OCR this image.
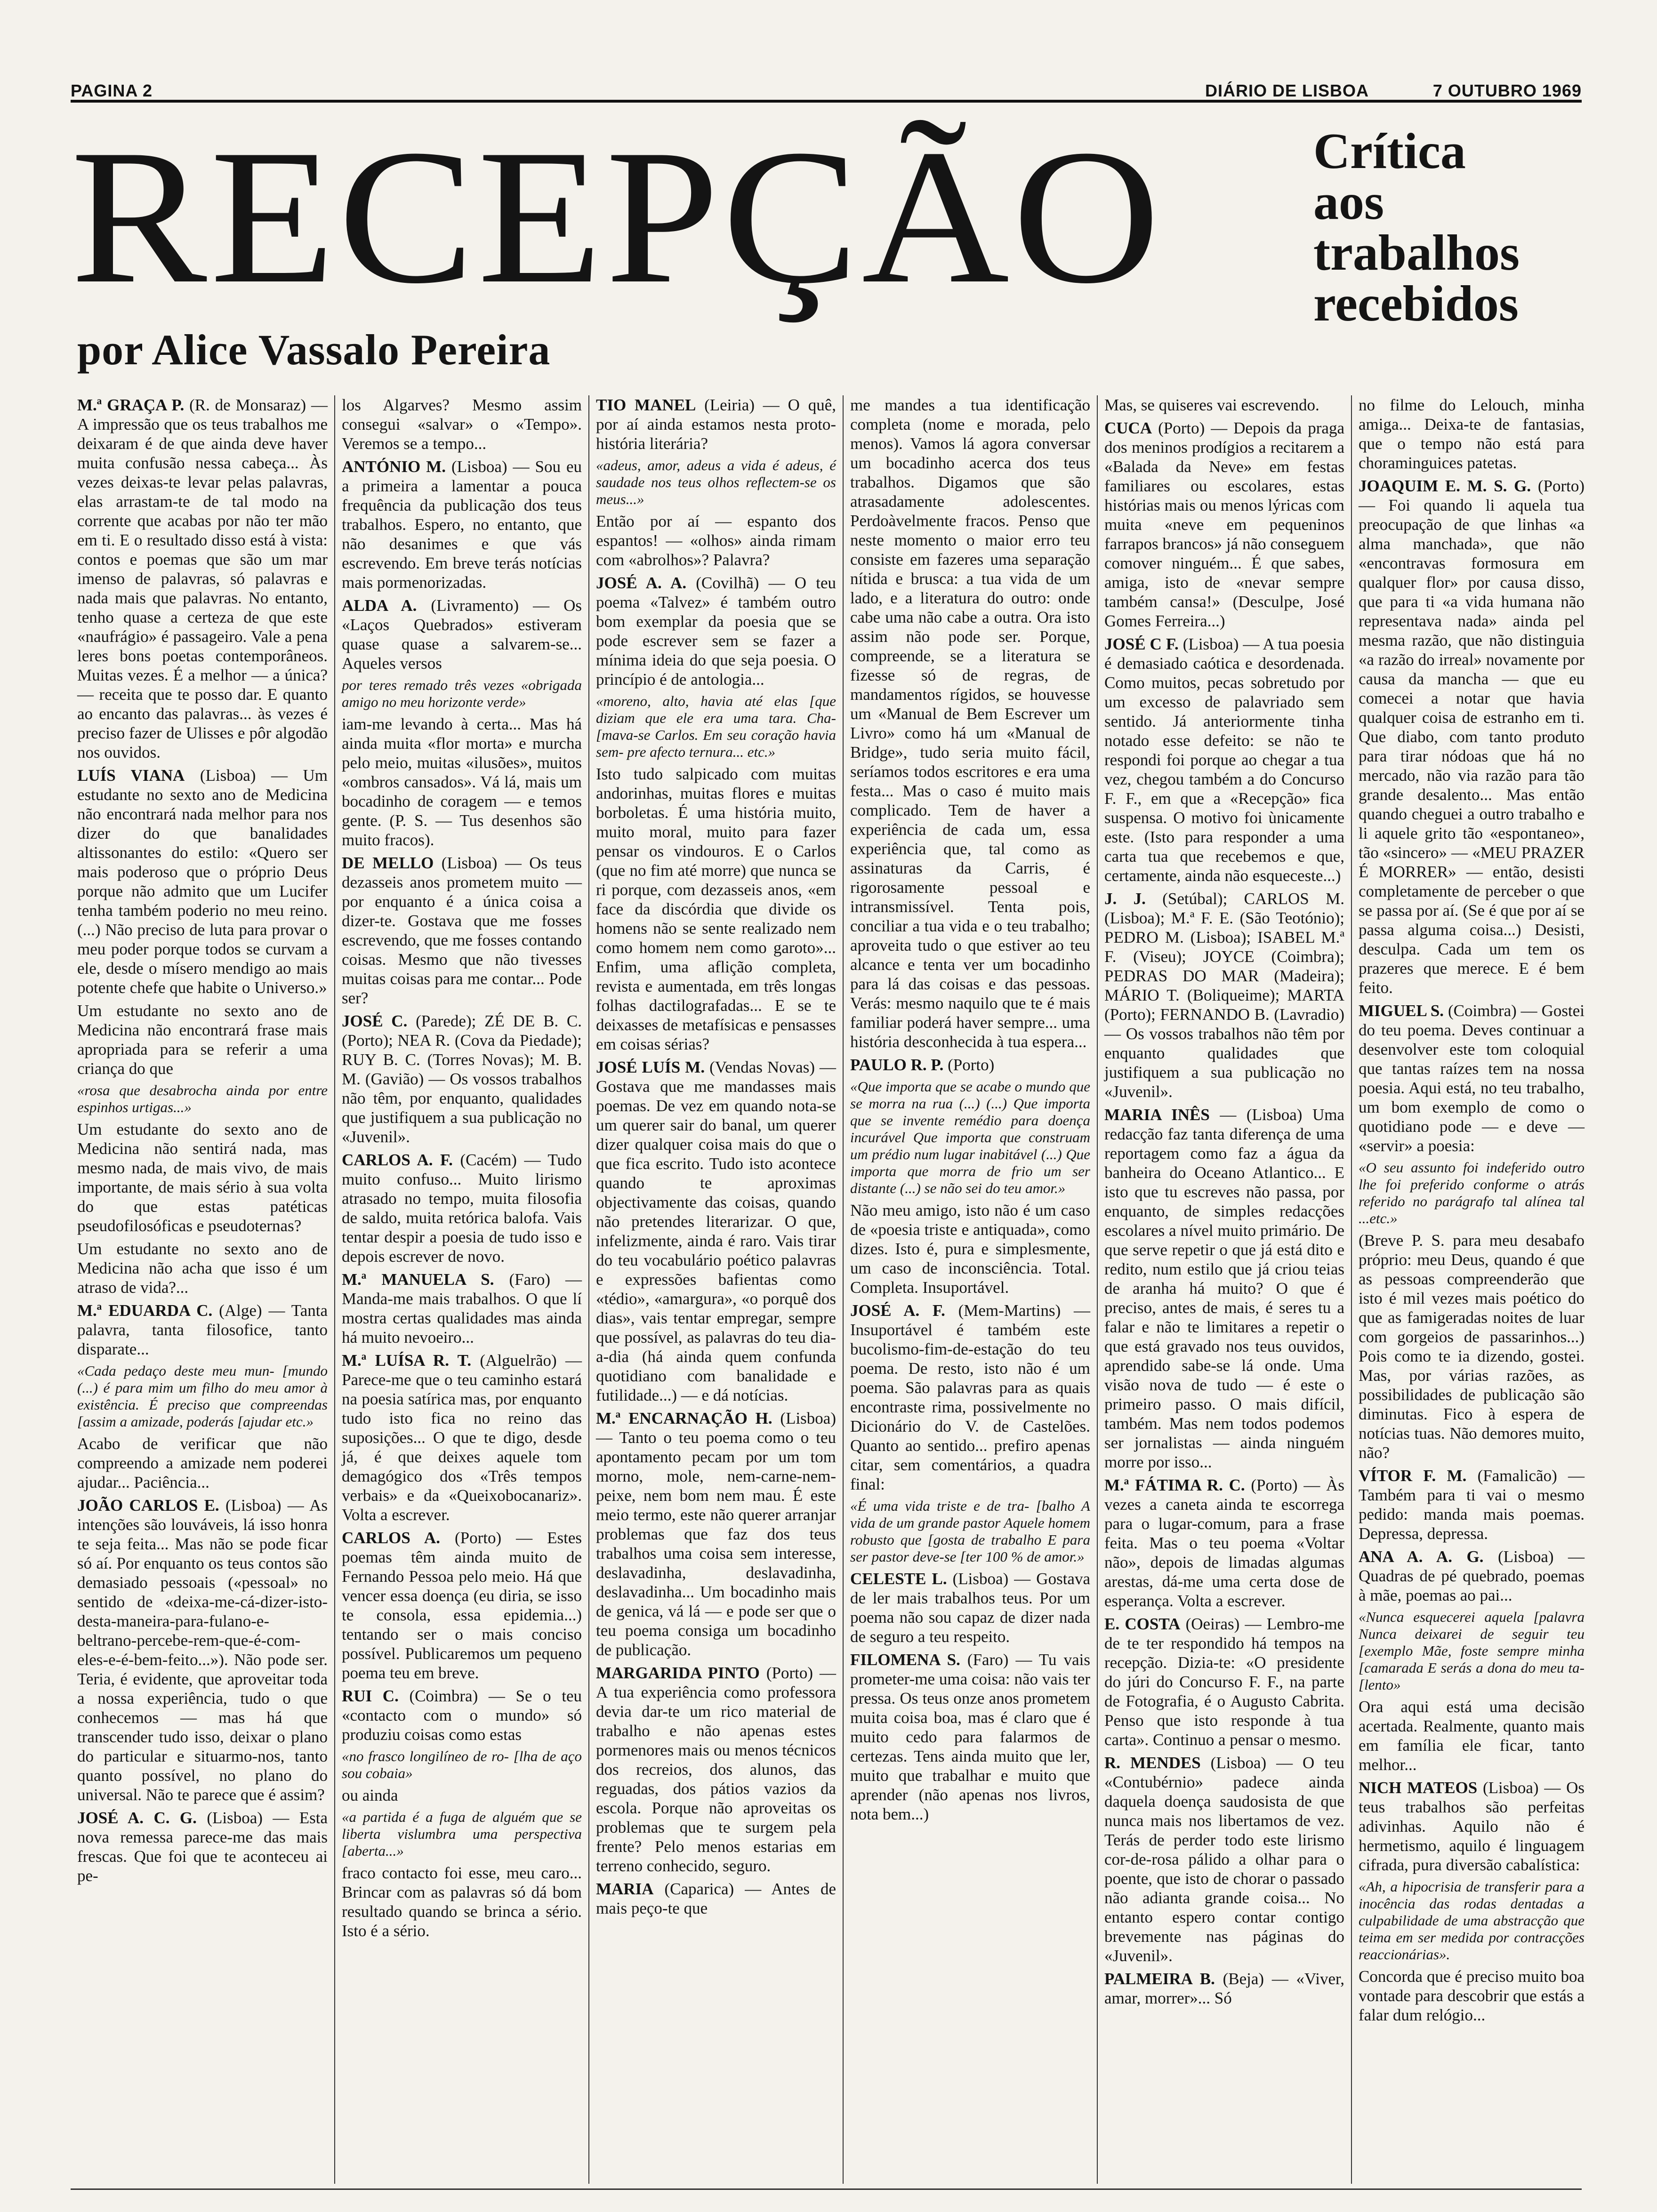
PAGINA 2	DIÁRIO DE LISBOA	7 OUTUBRO 1969
RECEPÇÃO
por Alice Vassalo Pereira
Crítica
aos
trabalhos
recebidos

M.ª GRAÇA P. (R. de Monsaraz) — A impressão que os teus trabalhos me deixaram é de que ainda deve haver muita confusão nessa cabeça... Às vezes deixas-te levar pelas palavras, elas arrastam-te de tal modo na corrente que acabas por não ter mão em ti. E o resultado disso está à vista: contos e poemas que são um mar imenso de palavras, só palavras e nada mais que palavras. No entanto, tenho quase a certeza de que este «naufrágio» é passageiro. Vale a pena leres bons poetas contemporâneos. Muitas vezes. É a melhor — a única? — receita que te posso dar. E quanto ao encanto das palavras... às vezes é preciso fazer de Ulisses e pôr algodão nos ouvidos.

LUÍS VIANA (Lisboa) — Um estudante no sexto ano de Medicina não encontrará nada melhor para nos dizer do que banalidades altissonantes do estilo: «Quero ser mais poderoso que o próprio Deus porque não admito que um Lucifer tenha também poderio no meu reino. (...) Não preciso de luta para provar o meu poder porque todos se curvam a ele, desde o mísero mendigo ao mais potente chefe que habite o Universo.»

Um estudante no sexto ano de Medicina não encontrará frase mais apropriada para se referir a uma criança do que

«rosa que desabrocha ainda por entre espinhos urtigas...»

Um estudante do sexto ano de Medicina não sentirá nada, mas mesmo nada, de mais vivo, de mais importante, de mais sério à sua volta do que estas patéticas pseudofilosóficas e pseudoternas?

Um estudante no sexto ano de Medicina não acha que isso é um atraso de vida?...

M.ª EDUARDA C. (Alge) — Tanta palavra, tanta filosofice, tanto disparate...

«Cada pedaço deste meu mun- [mundo (...) é para mim um filho do meu amor à existência. É preciso que compreendas [assim a amizade, poderás [ajudar etc.»

Acabo de verificar que não compreendo a amizade nem poderei ajudar... Paciência...

JOÃO CARLOS E. (Lisboa) — As intenções são louváveis, lá isso honra te seja feita... Mas não se pode ficar só aí. Por enquanto os teus contos são demasiado pessoais («pessoal» no sentido de «deixa-me-cá-dizer-isto-desta-maneira-para-fulano-e-beltrano-percebe-rem-que-é-com-eles-e-é-bem-feito...»). Não pode ser. Teria, é evidente, que aproveitar toda a nossa experiência, tudo o que conhecemos — mas há que transcender tudo isso, deixar o plano do particular e situarmo-nos, tanto quanto possível, no plano do universal. Não te parece que é assim?

JOSÉ A. C. G. (Lisboa) — Esta nova remessa parece-me das mais frescas. Que foi que te aconteceu ai pe-

los Algarves? Mesmo assim consegui «salvar» o «Tempo». Veremos se a tempo...

ANTÓNIO M. (Lisboa) — Sou eu a primeira a lamentar a pouca frequência da publicação dos teus trabalhos. Espero, no entanto, que não desanimes e que vás escrevendo. Em breve terás notícias mais pormenorizadas.

ALDA A. (Livramento) — Os «Laços Quebrados» estiveram quase quase a salvarem-se... Aqueles versos

por teres remado três vezes «obrigada amigo no meu horizonte verde»

iam-me levando à certa... Mas há ainda muita «flor morta» e murcha pelo meio, muitas «ilusões», muitos «ombros cansados». Vá lá, mais um bocadinho de coragem — e temos gente. (P. S. — Tus desenhos são muito fracos).

DE MELLO (Lisboa) — Os teus dezasseis anos prometem muito — por enquanto é a única coisa a dizer-te. Gostava que me fosses escrevendo, que me fosses contando coisas. Mesmo que não tivesses muitas coisas para me contar... Pode ser?

JOSÉ C. (Parede); ZÉ DE B. C. (Porto); NEA R. (Cova da Piedade); RUY B. C. (Torres Novas); M. B. M. (Gavião) — Os vossos trabalhos não têm, por enquanto, qualidades que justifiquem a sua publicação no «Juvenil».

CARLOS A. F. (Cacém) — Tudo muito confuso... Muito lirismo atrasado no tempo, muita filosofia de saldo, muita retórica balofa. Vais tentar despir a poesia de tudo isso e depois escrever de novo.

M.ª MANUELA S. (Faro) — Manda-me mais trabalhos. O que lí mostra certas qualidades mas ainda há muito nevoeiro...

M.ª LUÍSA R. T. (Alguelrão) — Parece-me que o teu caminho estará na poesia satírica mas, por enquanto tudo isto fica no reino das suposições... O que te digo, desde já, é que deixes aquele tom demagógico dos «Três tempos verbais» e da «Queixobocanariz». Volta a escrever.

CARLOS A. (Porto) — Estes poemas têm ainda muito de Fernando Pessoa pelo meio. Há que vencer essa doença (eu diria, se isso te consola, essa epidemia...) tentando ser o mais conciso possível. Publicaremos um pequeno poema teu em breve.

RUI C. (Coimbra) — Se o teu «contacto com o mundo» só produziu coisas como estas

«no frasco longilíneo de ro- [lha de aço sou cobaia»

ou ainda

«a partida é a fuga de alguém que se liberta vislumbra uma perspectiva [aberta...»

fraco contacto foi esse, meu caro... Brincar com as palavras só dá bom resultado quando se brinca a sério. Isto é a sério.

TIO MANEL (Leiria) — O quê, por aí ainda estamos nesta proto-história literária?

«adeus, amor, adeus a vida é adeus, é saudade nos teus olhos reflectem-se os meus...»

Então por aí — espanto dos espantos! — «olhos» ainda rimam com «abrolhos»? Palavra?

JOSÉ A. A. (Covilhã) — O teu poema «Talvez» é também outro bom exemplar da poesia que se pode escrever sem se fazer a mínima ideia do que seja poesia. O princípio é de antologia...

«moreno, alto, havia até elas [que diziam que ele era uma tara. Cha- [mava-se Carlos. Em seu coração havia sem- pre afecto ternura... etc.»

Isto tudo salpicado com muitas andorinhas, muitas flores e muitas borboletas. É uma história muito, muito moral, muito para fazer pensar os vindouros. E o Carlos (que no fim até morre) que nunca se ri porque, com dezasseis anos, «em face da discórdia que divide os homens não se sente realizado nem como homem nem como garoto»... Enfim, uma aflição completa, revista e aumentada, em três longas folhas dactilografadas... E se te deixasses de metafísicas e pensasses em coisas sérias?

JOSÉ LUÍS M. (Vendas Novas) — Gostava que me mandasses mais poemas. De vez em quando nota-se um querer sair do banal, um querer dizer qualquer coisa mais do que o que fica escrito. Tudo isto acontece quando te aproximas objectivamente das coisas, quando não pretendes literarizar. O que, infelizmente, ainda é raro. Vais tirar do teu vocabulário poético palavras e expressões bafientas como «tédio», «amargura», «o porquê dos dias», vais tentar empregar, sempre que possível, as palavras do teu dia-a-dia (há ainda quem confunda quotidiano com banalidade e futilidade...) — e dá notícias.

M.ª ENCARNAÇÃO H. (Lisboa) — Tanto o teu poema como o teu apontamento pecam por um tom morno, mole, nem-carne-nem-peixe, nem bom nem mau. É este meio termo, este não querer arranjar problemas que faz dos teus trabalhos uma coisa sem interesse, deslavadinha, deslavadinha, deslavadinha... Um bocadinho mais de genica, vá lá — e pode ser que o teu poema consiga um bocadinho de publicação.

MARGARIDA PINTO (Porto) — A tua experiência como professora devia dar-te um rico material de trabalho e não apenas estes pormenores mais ou menos técnicos dos recreios, dos alunos, das reguadas, dos pátios vazios da escola. Porque não aproveitas os problemas que te surgem pela frente? Pelo menos estarias em terreno conhecido, seguro.

MARIA (Caparica) — Antes de mais peço-te que

me mandes a tua identificação completa (nome e morada, pelo menos). Vamos lá agora conversar um bocadinho acerca dos teus trabalhos. Digamos que são atrasadamente adolescentes. Perdoàvelmente fracos. Penso que neste momento o maior erro teu consiste em fazeres uma separação nítida e brusca: a tua vida de um lado, e a literatura do outro: onde cabe uma não cabe a outra. Ora isto assim não pode ser. Porque, compreende, se a literatura se fizesse só de regras, de mandamentos rígidos, se houvesse um «Manual de Bem Escrever um Livro» como há um «Manual de Bridge», tudo seria muito fácil, seríamos todos escritores e era uma festa... Mas o caso é muito mais complicado. Tem de haver a experiência de cada um, essa experiência que, tal como as assinaturas da Carris, é rigorosamente pessoal e intransmissível. Tenta pois, conciliar a tua vida e o teu trabalho; aproveita tudo o que estiver ao teu alcance e tenta ver um bocadinho para lá das coisas e das pessoas. Verás: mesmo naquilo que te é mais familiar poderá haver sempre... uma história desconhecida à tua espera...

PAULO R. P. (Porto)

«Que importa que se acabe o mundo que se morra na rua (...) (...) Que importa que se invente remédio para doença incurável Que importa que construam um prédio num lugar inabitável (...) Que importa que morra de frio um ser distante (...) se não sei do teu amor.»

Não meu amigo, isto não é um caso de «poesia triste e antiquada», como dizes. Isto é, pura e simplesmente, um caso de inconsciência. Total. Completa. Insuportável.

JOSÉ A. F. (Mem-Martins) — Insuportável é também este bucolismo-fim-de-estação do teu poema. De resto, isto não é um poema. São palavras para as quais encontraste rima, possivelmente no Dicionário do V. de Castelões. Quanto ao sentido... prefiro apenas citar, sem comentários, a quadra final:

«É uma vida triste e de tra- [balho A vida de um grande pastor Aquele homem robusto que [gosta de trabalho E para ser pastor deve-se [ter 100 % de amor.»

CELESTE L. (Lisboa) — Gostava de ler mais trabalhos teus. Por um poema não sou capaz de dizer nada de seguro a teu respeito.

FILOMENA S. (Faro) — Tu vais prometer-me uma coisa: não vais ter pressa. Os teus onze anos prometem muita coisa boa, mas é claro que é muito cedo para falarmos de certezas. Tens ainda muito que ler, muito que trabalhar e muito que aprender (não apenas nos livros, nota bem...)

Mas, se quiseres vai escrevendo.

CUCA (Porto) — Depois da praga dos meninos prodígios a recitarem a «Balada da Neve» em festas familiares ou escolares, estas histórias mais ou menos lýricas com muita «neve em pequeninos farrapos brancos» já não conseguem comover ninguém... É que sabes, amiga, isto de «nevar sempre também cansa!» (Desculpe, José Gomes Ferreira...)

JOSÉ C F. (Lisboa) — A tua poesia é demasiado caótica e desordenada. Como muitos, pecas sobretudo por um excesso de palavriado sem sentido. Já anteriormente tinha notado esse defeito: se não te respondi foi porque ao chegar a tua vez, chegou também a do Concurso F. F., em que a «Recepção» fica suspensa. O motivo foi ùnicamente este. (Isto para responder a uma carta tua que recebemos e que, certamente, ainda não esqueceste...)

J. J. (Setúbal); CARLOS M. (Lisboa); M.ª F. E. (São Teotónio); PEDRO M. (Lisboa); ISABEL M.ª F. (Viseu); JOYCE (Coimbra); PEDRAS DO MAR (Madeira); MÁRIO T. (Boliqueime); MARTA (Porto); FERNANDO B. (Lavradio) — Os vossos trabalhos não têm por enquanto qualidades que justifiquem a sua publicação no «Juvenil».

MARIA INÊS — (Lisboa) Uma redacção faz tanta diferença de uma reportagem como faz a água da banheira do Oceano Atlantico... E isto que tu escreves não passa, por enquanto, de simples redacções escolares a nível muito primário. De que serve repetir o que já está dito e redito, num estilo que já criou teias de aranha há muito? O que é preciso, antes de mais, é seres tu a falar e não te limitares a repetir o que está gravado nos teus ouvidos, aprendido sabe-se lá onde. Uma visão nova de tudo — é este o primeiro passo. O mais difícil, também. Mas nem todos podemos ser jornalistas — ainda ninguém morre por isso...

M.ª FÁTIMA R. C. (Porto) — Às vezes a caneta ainda te escorrega para o lugar-comum, para a frase feita. Mas o teu poema «Voltar não», depois de limadas algumas arestas, dá-me uma certa dose de esperança. Volta a escrever.

E. COSTA (Oeiras) — Lembro-me de te ter respondido há tempos na recepção. Dizia-te: «O presidente do júri do Concurso F. F., na parte de Fotografia, é o Augusto Cabrita. Penso que isto responde à tua carta». Continuo a pensar o mesmo.

R. MENDES (Lisboa) — O teu «Contubérnio» padece ainda daquela doença saudosista de que nunca mais nos libertamos de vez. Terás de perder todo este lirismo cor-de-rosa pálido a olhar para o poente, que isto de chorar o passado não adianta grande coisa... No entanto espero contar contigo brevemente nas páginas do «Juvenil».

PALMEIRA B. (Beja) — «Viver, amar, morrer»... Só

no filme do Lelouch, minha amiga... Deixa-te de fantasias, que o tempo não está para choraminguices patetas.

JOAQUIM E. M. S. G. (Porto) — Foi quando li aquela tua preocupação de que linhas «a alma manchada», que não «encontravas formosura em qualquer flor» por causa disso, que para ti «a vida humana não representava nada» ainda pel mesma razão, que não distinguia «a razão do irreal» novamente por causa da mancha — que eu comecei a notar que havia qualquer coisa de estranho em ti. Que diabo, com tanto produto para tirar nódoas que há no mercado, não via razão para tão grande desalento... Mas então quando cheguei a outro trabalho e li aquele grito tão «espontaneo», tão «sincero» — «MEU PRAZER É MORRER» — então, desisti completamente de perceber o que se passa por aí. (Se é que por aí se passa alguma coisa...) Desisti, desculpa. Cada um tem os prazeres que merece. E é bem feito.

MIGUEL S. (Coimbra) — Gostei do teu poema. Deves continuar a desenvolver este tom coloquial que tantas raízes tem na nossa poesia. Aqui está, no teu trabalho, um bom exemplo de como o quotidiano pode — e deve — «servir» a poesia:

«O seu assunto foi indeferido outro lhe foi preferido conforme o atrás referido no parágrafo tal alínea tal ...etc.»

(Breve P. S. para meu desabafo próprio: meu Deus, quando é que as pessoas compreenderão que isto é mil vezes mais poético do que as famigeradas noites de luar com gorgeios de passarinhos...) Pois como te ia dizendo, gostei. Mas, por várias razões, as possibilidades de publicação são diminutas. Fico à espera de notícias tuas. Não demores muito, não?

VÍTOR F. M. (Famalicão) — Também para ti vai o mesmo pedido: manda mais poemas. Depressa, depressa.

ANA A. A. G. (Lisboa) — Quadras de pé quebrado, poemas à mãe, poemas ao pai...

«Nunca esquecerei aquela [palavra Nunca deixarei de seguir teu [exemplo Mãe, foste sempre minha [camarada E serás a dona do meu ta- [lento»

Ora aqui está uma decisão acertada. Realmente, quanto mais em família ele ficar, tanto melhor...

NICH MATEOS (Lisboa) — Os teus trabalhos são perfeitas adivinhas. Aquilo não é hermetismo, aquilo é linguagem cifrada, pura diversão cabalística:

«Ah, a hipocrisia de transferir para a inocência das rodas dentadas a culpabilidade de uma abstracção que teima em ser medida por contracções reaccionárias».

Concorda que é preciso muito boa vontade para descobrir que estás a falar dum relógio...
